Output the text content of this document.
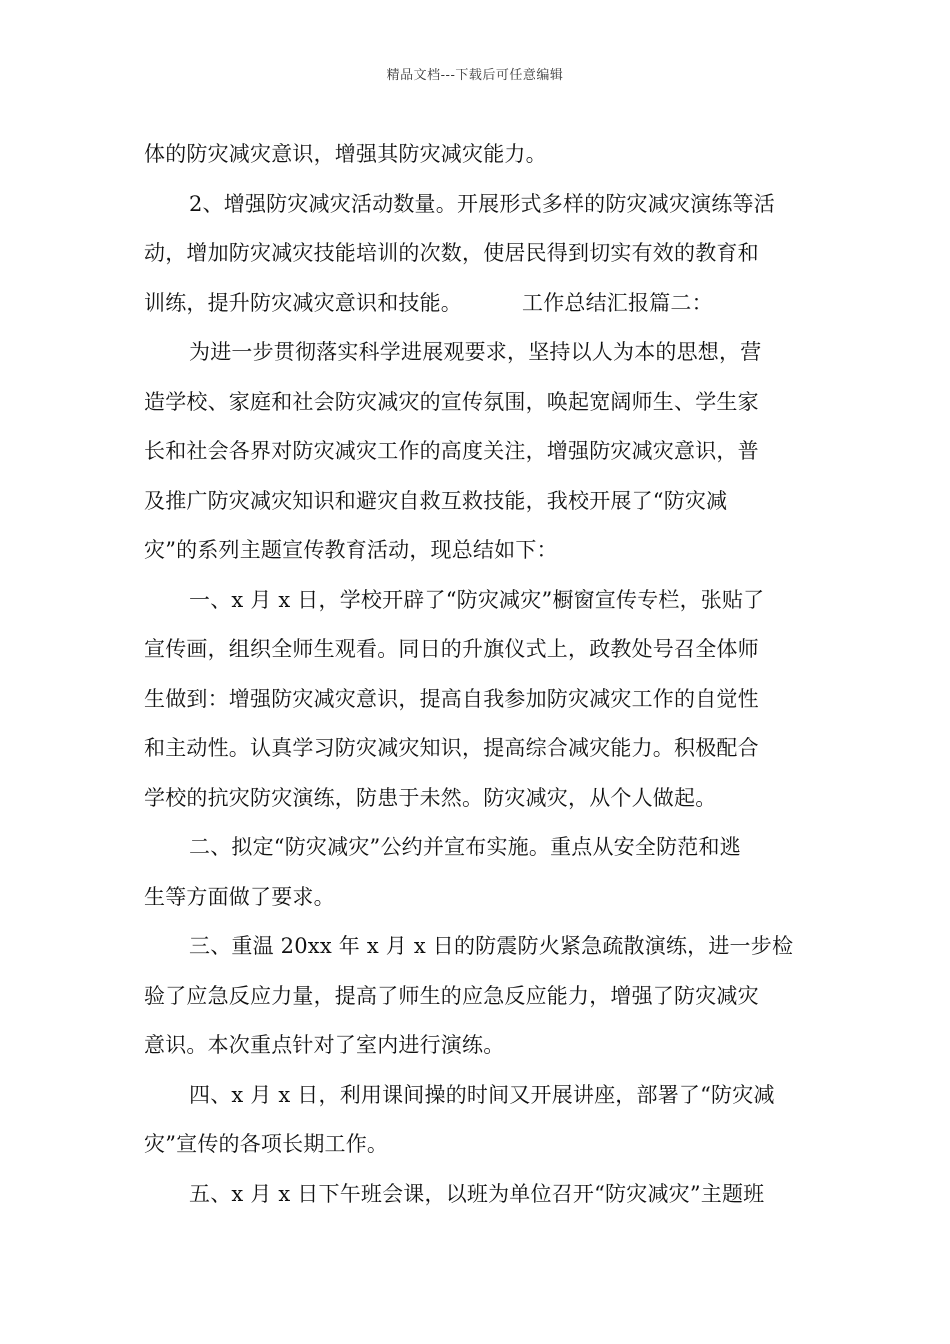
精品文档---下载后可任意编辑
体的防灾减灾意识，增强其防灾减灾能力。
2、增强防灾减灾活动数量。开展形式多样的防灾减灾演练等活
动，增加防灾减灾技能培训的次数，使居民得到切实有效的教育和
训练，提升防灾减灾意识和技能。	工作总结汇报篇二：
为进一步贯彻落实科学进展观要求，坚持以人为本的思想，营
造学校、家庭和社会防灾减灾的宣传氛围，唤起宽阔师生、学生家
长和社会各界对防灾减灾工作的高度关注，增强防灾减灾意识，普
及推广防灾减灾知识和避灾自救互救技能，我校开展了“防灾减
灾”的系列主题宣传教育活动，现总结如下：
一、x 月 x 日，学校开辟了“防灾减灾”橱窗宣传专栏，张贴了
宣传画，组织全师生观看。同日的升旗仪式上，政教处号召全体师
生做到：增强防灾减灾意识，提高自我参加防灾减灾工作的自觉性
和主动性。认真学习防灾减灾知识，提高综合减灾能力。积极配合
学校的抗灾防灾演练，防患于未然。防灾减灾，从个人做起。
二、拟定“防灾减灾”公约并宣布实施。重点从安全防范和逃
生等方面做了要求。
三、重温 20xx 年 x 月 x 日的防震防火紧急疏散演练，进一步检
验了应急反应力量，提高了师生的应急反应能力，增强了防灾减灾
意识。本次重点针对了室内进行演练。
四、x 月 x 日，利用课间操的时间又开展讲座，部署了“防灾减
灾”宣传的各项长期工作。
五、x 月 x 日下午班会课，以班为单位召开“防灾减灾”主题班
